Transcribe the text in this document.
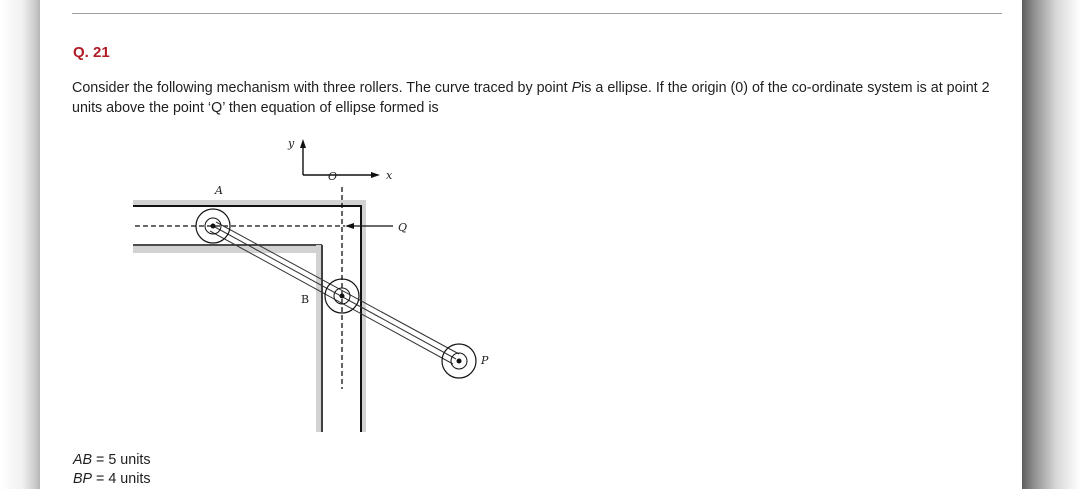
Q. 21
Consider the following mechanism with three rollers. The curve traced by point Pis a ellipse. If the origin (0) of the co-ordinate system is at point 2 units above the point ‘Q’ then equation of ellipse formed is
y
x
O
A
Q
B
P
AB = 5 units
BP = 4 units
